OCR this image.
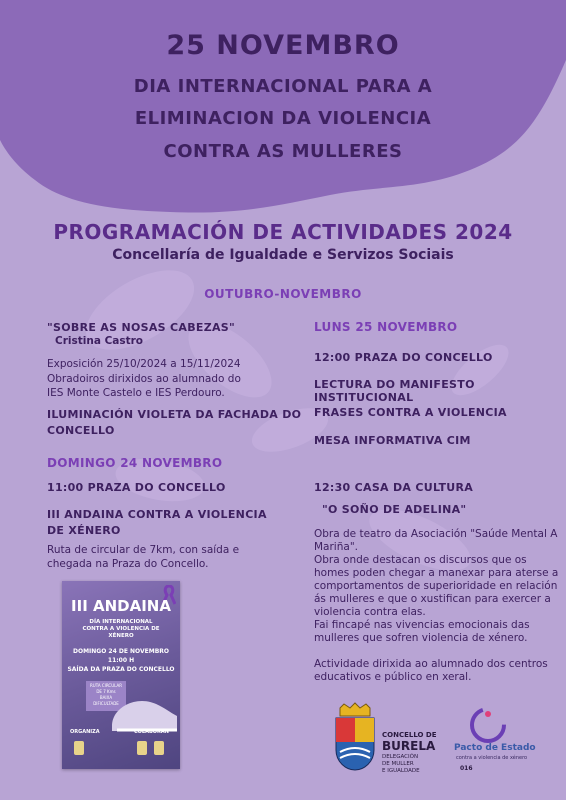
25 NOVEMBRO
DIA INTERNACIONAL PARA A
ELIMINACION DA VIOLENCIA
CONTRA AS MULLERES
PROGRAMACIÓN DE ACTIVIDADES 2024
Concellaría de Igualdade e Servizos Sociais
OUTUBRO-NOVEMBRO
"SOBRE AS NOSAS CABEZAS"
Cristina Castro
Exposición 25/10/2024 a 15/11/2024
Obradoiros dirixidos ao alumnado do
IES Monte Castelo e IES Perdouro.
ILUMINACIÓN VIOLETA DA FACHADA DO
CONCELLO
DOMINGO 24 NOVEMBRO
11:00 PRAZA DO CONCELLO
III ANDAINA CONTRA A VIOLENCIA
DE XÉNERO
Ruta de circular de 7km, con saída e
chegada na Praza do Concello.
III ANDAINA
DÍA INTERNACIONAL
CONTRA A VIOLENCIA DE
XÉNERO
DOMINGO 24 DE NOVEMBRO
11:00 H
SAÍDA DA PRAZA DO CONCELLO
RUTA CIRCULAR
DE 7 Kms
BAIXA
DIFICULTADE
ORGANIZA	COLABORAN
LUNS 25 NOVEMBRO
12:00 PRAZA DO CONCELLO
LECTURA DO MANIFESTO INSTITUCIONAL
FRASES CONTRA A VIOLENCIA
MESA INFORMATIVA CIM
12:30 CASA DA CULTURA
"O SOÑO DE ADELINA"
Obra de teatro da Asociación "Saúde Mental A
Mariña".
Obra onde destacan os discursos que os
homes poden chegar a manexar para aterse a
comportamentos de superioridade en relación
ás mulleres e que o xustifican para exercer a
violencia contra elas.
Fai fincapé nas vivencias emocionais das
mulleres que sofren violencia de xénero.
Actividade dirixida ao alumnado dos centros
educativos e público en xeral.
CONCELLO DE
BURELA
DELEGACIÓN
DE MULLER
E IGUALDADE
Pacto de Estado
contra a violencia de xénero
016
